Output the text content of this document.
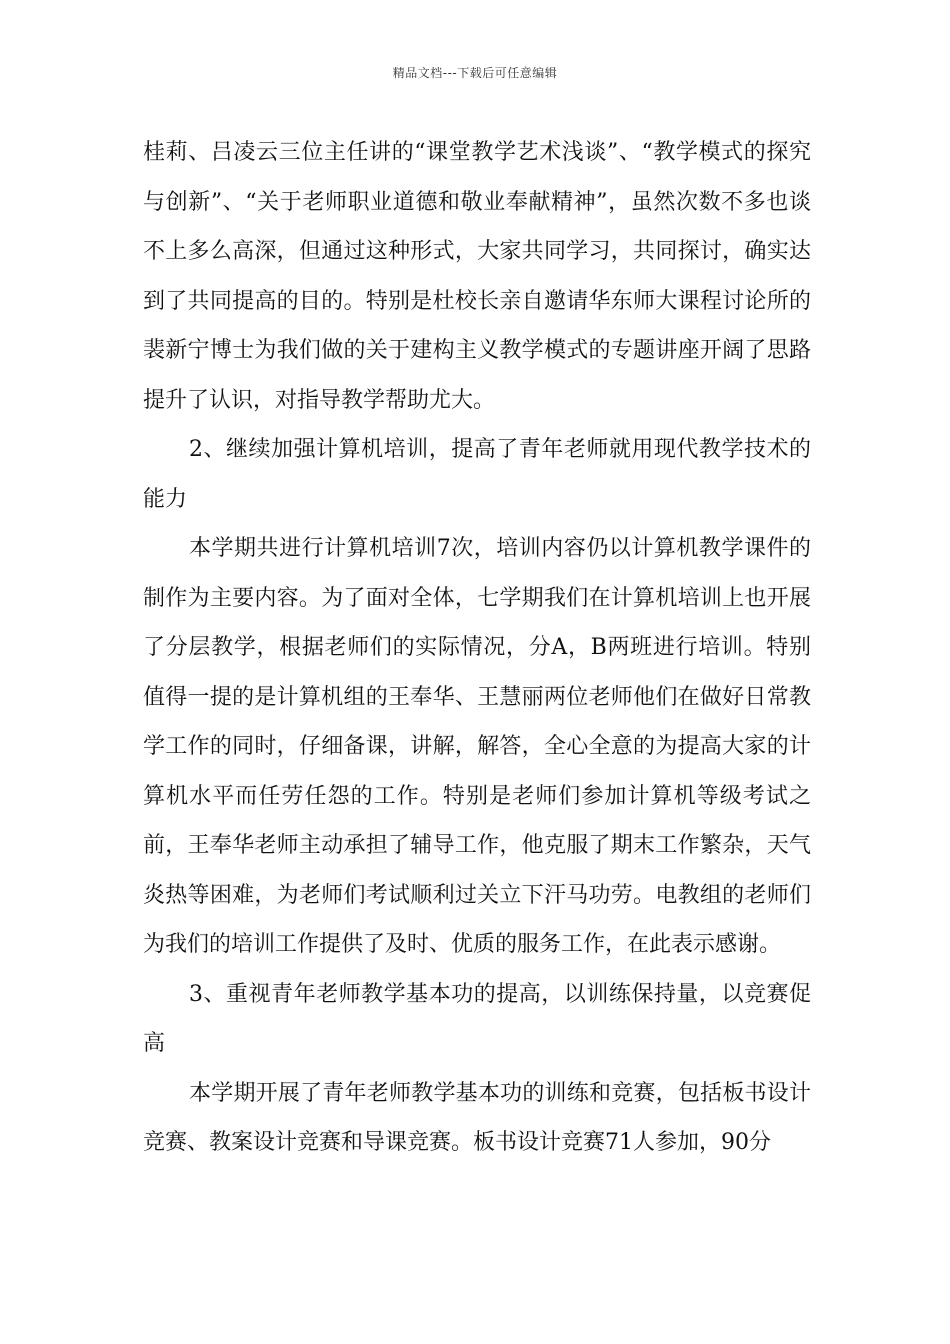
精品文档---下载后可任意编辑

桂莉、吕凌云三位主任讲的“课堂教学艺术浅谈”、“教学模式的探究与创新”、“关于老师职业道德和敬业奉献精神”，虽然次数不多也谈不上多么高深，但通过这种形式，大家共同学习，共同探讨，确实达到了共同提高的目的。特别是杜校长亲自邀请华东师大课程讨论所的裴新宁博士为我们做的关于建构主义教学模式的专题讲座开阔了思路提升了认识，对指导教学帮助尤大。

2、继续加强计算机培训，提高了青年老师就用现代教学技术的能力

本学期共进行计算机培训7次，培训内容仍以计算机教学课件的制作为主要内容。为了面对全体，七学期我们在计算机培训上也开展了分层教学，根据老师们的实际情况，分A，B两班进行培训。特别值得一提的是计算机组的王奉华、王慧丽两位老师他们在做好日常教学工作的同时，仔细备课，讲解，解答，全心全意的为提高大家的计算机水平而任劳任怨的工作。特别是老师们参加计算机等级考试之前，王奉华老师主动承担了辅导工作，他克服了期末工作繁杂，天气炎热等困难，为老师们考试顺利过关立下汗马功劳。电教组的老师们为我们的培训工作提供了及时、优质的服务工作，在此表示感谢。

3、重视青年老师教学基本功的提高，以训练保持量，以竞赛促高

本学期开展了青年老师教学基本功的训练和竞赛，包括板书设计竞赛、教案设计竞赛和导课竞赛。板书设计竞赛71人参加，90分
